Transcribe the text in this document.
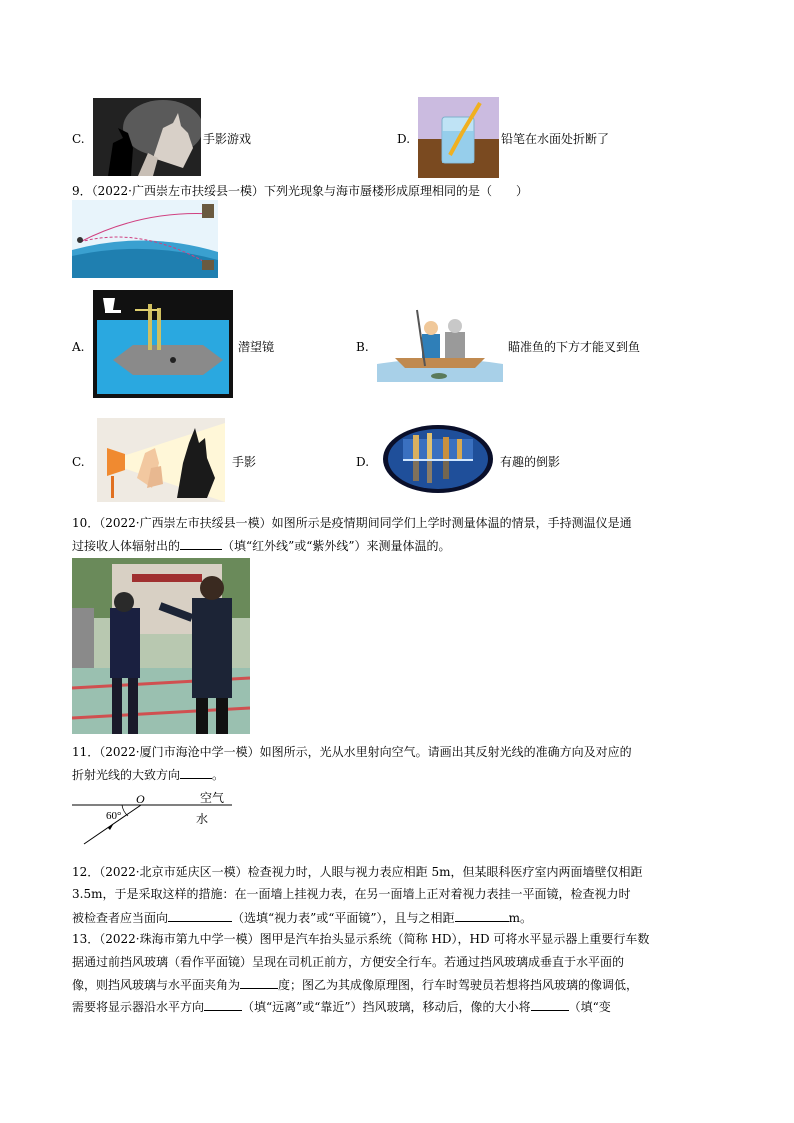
C.	手影游戏	D.	铅笔在水面处折断了
9．（2022·广西崇左市扶绥县一模）下列光现象与海市蜃楼形成原理相同的是（　　）
A.	潜望镜	B.	瞄准鱼的下方才能叉到鱼
C.	手影	D.	有趣的倒影
10．（2022·广西崇左市扶绥县一模）如图所示是疫情期间同学们上学时测量体温的情景，手持测温仪是通
过接收人体辐射出的	（填“红外线”或“紫外线”）来测量体温的。
11．（2022·厦门市海沧中学一模）如图所示，光从水里射向空气。请画出其反射光线的准确方向及对应的
折射光线的大致方向	。
O
60°
空气
水
12．（2022·北京市延庆区一模）检查视力时，人眼与视力表应相距 5m，但某眼科医疗室内两面墙壁仅相距
3.5m，于是采取这样的措施：在一面墙上挂视力表，在另一面墙上正对着视力表挂一平面镜，检查视力时
被检查者应当面向	（选填“视力表”或“平面镜”），且与之相距	m。
13．（2022·珠海市第九中学一模）图甲是汽车抬头显示系统（简称 HD），HD 可将水平显示器上重要行车数
据通过前挡风玻璃（看作平面镜）呈现在司机正前方，方便安全行车。若通过挡风玻璃成垂直于水平面的
像，则挡风玻璃与水平面夹角为	度；图乙为其成像原理图，行车时驾驶员若想将挡风玻璃的像调低，
需要将显示器沿水平方向	（填“远离”或“靠近”）挡风玻璃，移动后，像的大小将	（填“变
